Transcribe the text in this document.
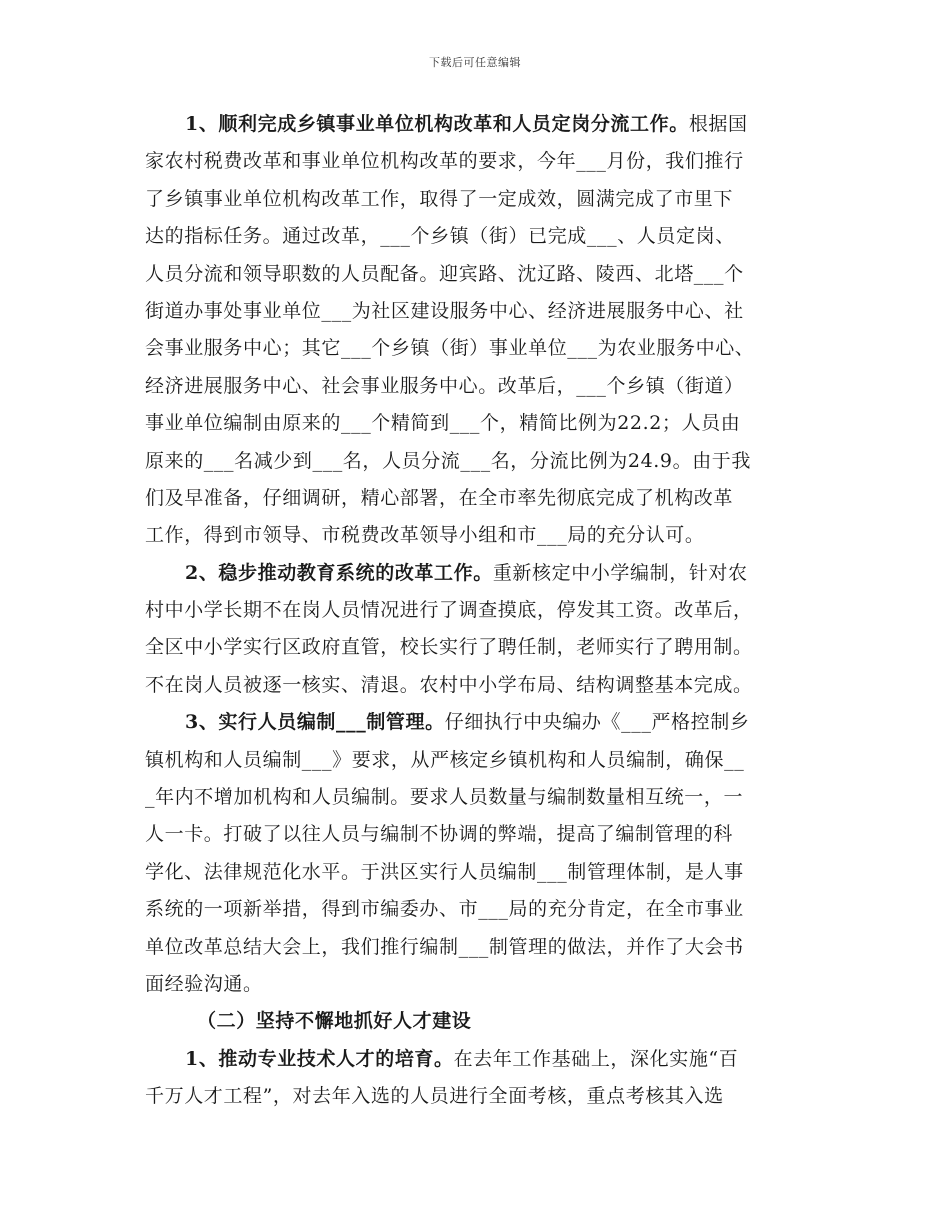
下载后可任意编辑
1、顺利完成乡镇事业单位机构改革和人员定岗分流工作。根据国
家农村税费改革和事业单位机构改革的要求，今年___月份，我们推行
了乡镇事业单位机构改革工作，取得了一定成效，圆满完成了市里下
达的指标任务。通过改革，___个乡镇（街）已完成___、人员定岗、
人员分流和领导职数的人员配备。迎宾路、沈辽路、陵西、北塔___个
街道办事处事业单位___为社区建设服务中心、经济进展服务中心、社
会事业服务中心；其它___个乡镇（街）事业单位___为农业服务中心、
经济进展服务中心、社会事业服务中心。改革后，___个乡镇（街道）
事业单位编制由原来的___个精简到___个，精简比例为22.2；人员由
原来的___名减少到___名，人员分流___名，分流比例为24.9。由于我
们及早准备，仔细调研，精心部署，在全市率先彻底完成了机构改革
工作，得到市领导、市税费改革领导小组和市___局的充分认可。
2、稳步推动教育系统的改革工作。重新核定中小学编制，针对农
村中小学长期不在岗人员情况进行了调查摸底，停发其工资。改革后，
全区中小学实行区政府直管，校长实行了聘任制，老师实行了聘用制。
不在岗人员被逐一核实、清退。农村中小学布局、结构调整基本完成。
3、实行人员编制___制管理。仔细执行中央编办《___严格控制乡
镇机构和人员编制___》要求，从严核定乡镇机构和人员编制，确保__
_年内不增加机构和人员编制。要求人员数量与编制数量相互统一，一
人一卡。打破了以往人员与编制不协调的弊端，提高了编制管理的科
学化、法律规范化水平。于洪区实行人员编制___制管理体制，是人事
系统的一项新举措，得到市编委办、市___局的充分肯定，在全市事业
单位改革总结大会上，我们推行编制___制管理的做法，并作了大会书
面经验沟通。
（二）坚持不懈地抓好人才建设
1、推动专业技术人才的培育。在去年工作基础上，深化实施“百
千万人才工程”，对去年入选的人员进行全面考核，重点考核其入选
